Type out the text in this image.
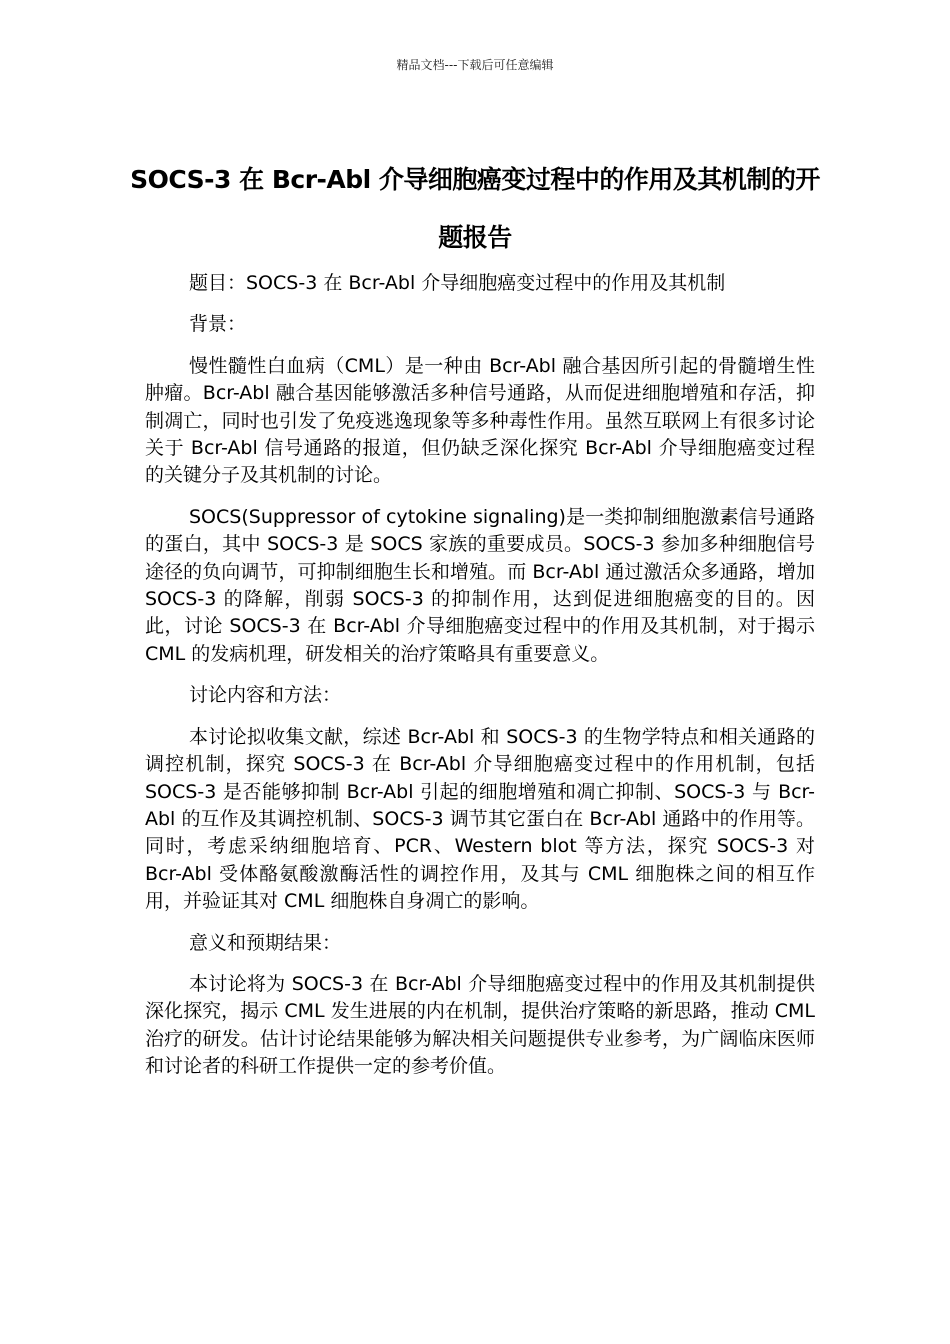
精品文档---下载后可任意编辑
SOCS-3 在 Bcr-Abl 介导细胞癌变过程中的作用及其机制的开题报告

题目：SOCS-3 在 Bcr-Abl 介导细胞癌变过程中的作用及其机制

背景：

慢性髓性白血病（CML）是一种由 Bcr-Abl 融合基因所引起的骨髓增生性肿瘤。Bcr-Abl 融合基因能够激活多种信号通路，从而促进细胞增殖和存活，抑制凋亡，同时也引发了免疫逃逸现象等多种毒性作用。虽然互联网上有很多讨论关于 Bcr-Abl 信号通路的报道，但仍缺乏深化探究 Bcr-Abl 介导细胞癌变过程的关键分子及其机制的讨论。

SOCS(Suppressor of cytokine signaling)是一类抑制细胞激素信号通路的蛋白，其中 SOCS-3 是 SOCS 家族的重要成员。SOCS-3 参加多种细胞信号途径的负向调节，可抑制细胞生长和增殖。而 Bcr-Abl 通过激活众多通路，增加 SOCS-3 的降解，削弱 SOCS-3 的抑制作用，达到促进细胞癌变的目的。因此，讨论 SOCS-3 在 Bcr-Abl 介导细胞癌变过程中的作用及其机制，对于揭示 CML 的发病机理，研发相关的治疗策略具有重要意义。

讨论内容和方法：

本讨论拟收集文献，综述 Bcr-Abl 和 SOCS-3 的生物学特点和相关通路的调控机制，探究 SOCS-3 在 Bcr-Abl 介导细胞癌变过程中的作用机制，包括 SOCS-3 是否能够抑制 Bcr-Abl 引起的细胞增殖和凋亡抑制、SOCS-3 与 Bcr-Abl 的互作及其调控机制、SOCS-3 调节其它蛋白在 Bcr-Abl 通路中的作用等。同时，考虑采纳细胞培育、PCR、Western blot 等方法，探究 SOCS-3 对 Bcr-Abl 受体酪氨酸激酶活性的调控作用，及其与 CML 细胞株之间的相互作用，并验证其对 CML 细胞株自身凋亡的影响。

意义和预期结果：

本讨论将为 SOCS-3 在 Bcr-Abl 介导细胞癌变过程中的作用及其机制提供深化探究，揭示 CML 发生进展的内在机制，提供治疗策略的新思路，推动 CML 治疗的研发。估计讨论结果能够为解决相关问题提供专业参考，为广阔临床医师和讨论者的科研工作提供一定的参考价值。
